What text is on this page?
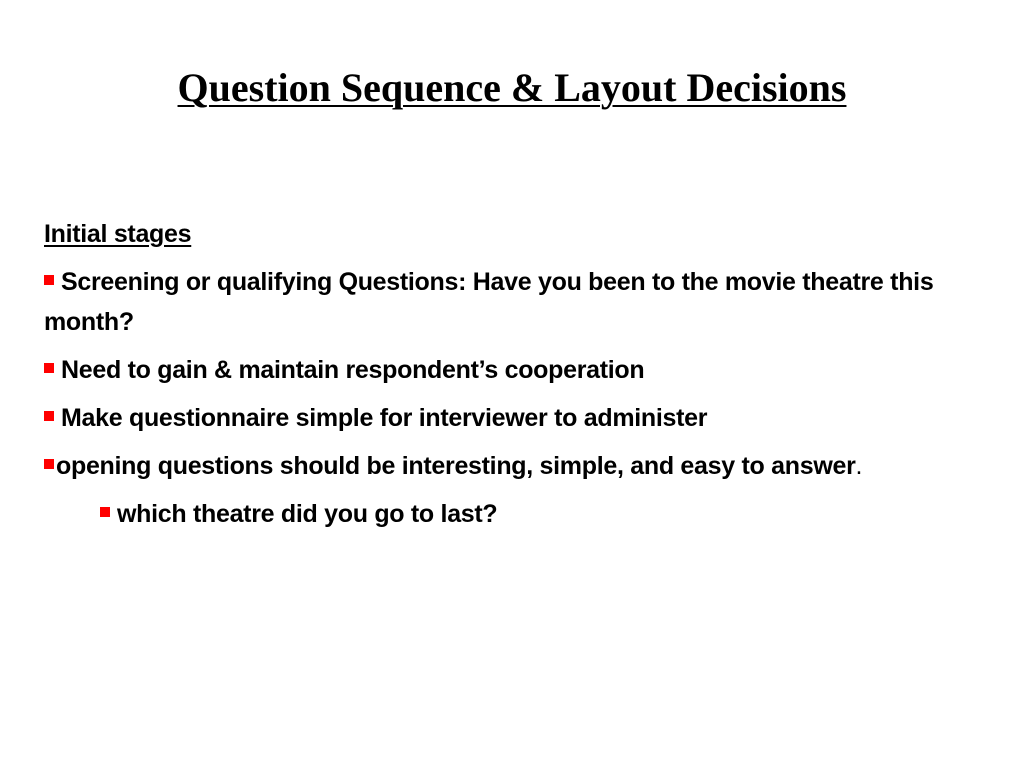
Question Sequence & Layout Decisions
Initial stages
Screening or qualifying Questions: Have you been to the movie theatre this month?
Need to gain & maintain respondent’s cooperation
Make questionnaire simple for interviewer to administer
opening questions should be interesting, simple, and easy to answer.
which theatre did you go to last?
